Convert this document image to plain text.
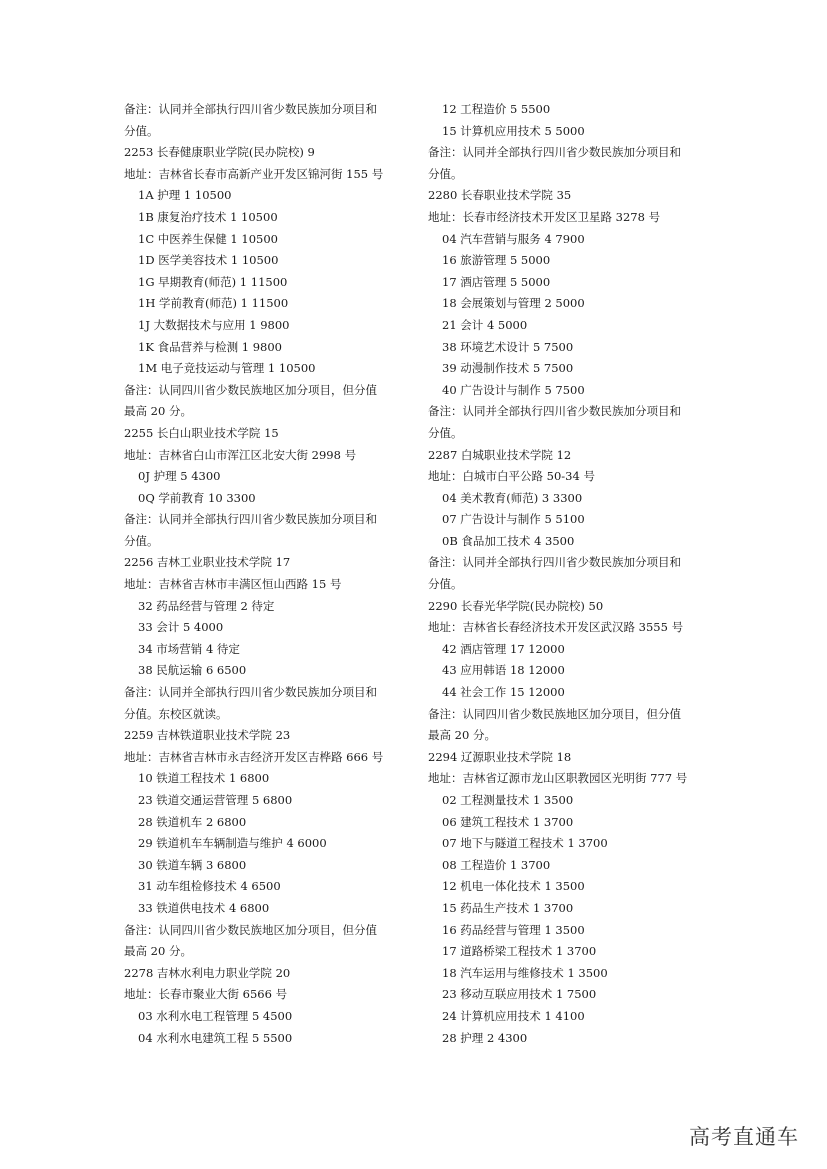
备注：认同并全部执行四川省少数民族加分项目和
分值。
2253 长春健康职业学院(民办院校) 9
地址：吉林省长春市高新产业开发区锦河街 155 号
1A 护理 1 10500
1B 康复治疗技术 1 10500
1C 中医养生保健 1 10500
1D 医学美容技术 1 10500
1G 早期教育(师范) 1 11500
1H 学前教育(师范) 1 11500
1J 大数据技术与应用 1 9800
1K 食品营养与检测 1 9800
1M 电子竞技运动与管理 1 10500
备注：认同四川省少数民族地区加分项目，但分值
最高 20 分。
2255 长白山职业技术学院 15
地址：吉林省白山市浑江区北安大街 2998 号
0J 护理 5 4300
0Q 学前教育 10 3300
备注：认同并全部执行四川省少数民族加分项目和
分值。
2256 吉林工业职业技术学院 17
地址：吉林省吉林市丰满区恒山西路 15 号
32 药品经营与管理 2 待定
33 会计 5 4000
34 市场营销 4 待定
38 民航运输 6 6500
备注：认同并全部执行四川省少数民族加分项目和
分值。东校区就读。
2259 吉林铁道职业技术学院 23
地址：吉林省吉林市永吉经济开发区吉桦路 666 号
10 铁道工程技术 1 6800
23 铁道交通运营管理 5 6800
28 铁道机车 2 6800
29 铁道机车车辆制造与维护 4 6000
30 铁道车辆 3 6800
31 动车组检修技术 4 6500
33 铁道供电技术 4 6800
备注：认同四川省少数民族地区加分项目，但分值
最高 20 分。
2278 吉林水利电力职业学院 20
地址：长春市聚业大街 6566 号
03 水利水电工程管理 5 4500
04 水利水电建筑工程 5 5500
12 工程造价 5 5500
15 计算机应用技术 5 5000
备注：认同并全部执行四川省少数民族加分项目和
分值。
2280 长春职业技术学院 35
地址：长春市经济技术开发区卫星路 3278 号
04 汽车营销与服务 4 7900
16 旅游管理 5 5000
17 酒店管理 5 5000
18 会展策划与管理 2 5000
21 会计 4 5000
38 环境艺术设计 5 7500
39 动漫制作技术 5 7500
40 广告设计与制作 5 7500
备注：认同并全部执行四川省少数民族加分项目和
分值。
2287 白城职业技术学院 12
地址：白城市白平公路 50-34 号
04 美术教育(师范) 3 3300
07 广告设计与制作 5 5100
0B 食品加工技术 4 3500
备注：认同并全部执行四川省少数民族加分项目和
分值。
2290 长春光华学院(民办院校) 50
地址：吉林省长春经济技术开发区武汉路 3555 号
42 酒店管理 17 12000
43 应用韩语 18 12000
44 社会工作 15 12000
备注：认同四川省少数民族地区加分项目，但分值
最高 20 分。
2294 辽源职业技术学院 18
地址：吉林省辽源市龙山区职教园区光明街 777 号
02 工程测量技术 1 3500
06 建筑工程技术 1 3700
07 地下与隧道工程技术 1 3700
08 工程造价 1 3700
12 机电一体化技术 1 3500
15 药品生产技术 1 3700
16 药品经营与管理 1 3500
17 道路桥梁工程技术 1 3700
18 汽车运用与维修技术 1 3500
23 移动互联应用技术 1 7500
24 计算机应用技术 1 4100
28 护理 2 4300
高考直通车
